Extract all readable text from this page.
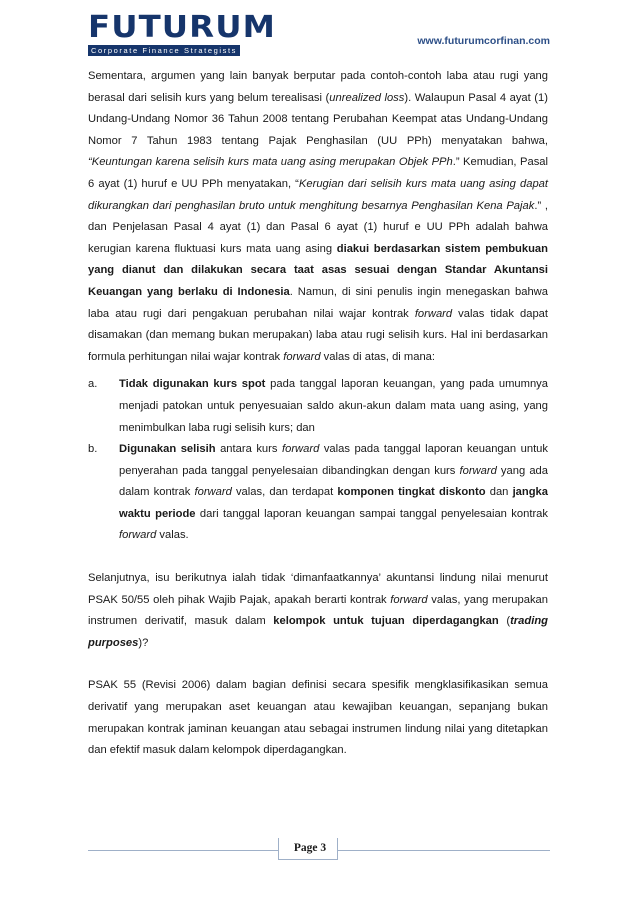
FUTURUM
Corporate Finance Strategists
www.futurumcorfinan.com

Sementara, argumen yang lain banyak berputar pada contoh-contoh laba atau rugi yang berasal dari selisih kurs yang belum terealisasi (unrealized loss). Walaupun Pasal 4 ayat (1) Undang-Undang Nomor 36 Tahun 2008 tentang Perubahan Keempat atas Undang-Undang Nomor 7 Tahun 1983 tentang Pajak Penghasilan (UU PPh) menyatakan bahwa, “Keuntungan karena selisih kurs mata uang asing merupakan Objek PPh.” Kemudian, Pasal 6 ayat (1) huruf e UU PPh menyatakan, “Kerugian dari selisih kurs mata uang asing dapat dikurangkan dari penghasilan bruto untuk menghitung besarnya Penghasilan Kena Pajak.” , dan Penjelasan Pasal 4 ayat (1) dan Pasal 6 ayat (1) huruf e UU PPh adalah bahwa kerugian karena fluktuasi kurs mata uang asing diakui berdasarkan sistem pembukuan yang dianut dan dilakukan secara taat asas sesuai dengan Standar Akuntansi Keuangan yang berlaku di Indonesia. Namun, di sini penulis ingin menegaskan bahwa laba atau rugi dari pengakuan perubahan nilai wajar kontrak forward valas tidak dapat disamakan (dan memang bukan merupakan) laba atau rugi selisih kurs. Hal ini berdasarkan formula perhitungan nilai wajar kontrak forward valas di atas, di mana:

a.	Tidak digunakan kurs spot pada tanggal laporan keuangan, yang pada umumnya menjadi patokan untuk penyesuaian saldo akun-akun dalam mata uang asing, yang menimbulkan laba rugi selisih kurs; dan
b.	Digunakan selisih antara kurs forward valas pada tanggal laporan keuangan untuk penyerahan pada tanggal penyelesaian dibandingkan dengan kurs forward yang ada dalam kontrak forward valas, dan terdapat komponen tingkat diskonto dan jangka waktu periode dari tanggal laporan keuangan sampai tanggal penyelesaian kontrak forward valas.

Selanjutnya, isu berikutnya ialah tidak ‘dimanfaatkannya’ akuntansi lindung nilai menurut PSAK 50/55 oleh pihak Wajib Pajak, apakah berarti kontrak forward valas, yang merupakan instrumen derivatif, masuk dalam kelompok untuk tujuan diperdagangkan (trading purposes)?

PSAK 55 (Revisi 2006) dalam bagian definisi secara spesifik mengklasifikasikan semua derivatif yang merupakan aset keuangan atau kewajiban keuangan, sepanjang bukan merupakan kontrak jaminan keuangan atau sebagai instrumen lindung nilai yang ditetapkan dan efektif masuk dalam kelompok diperdagangkan.

Page 3
